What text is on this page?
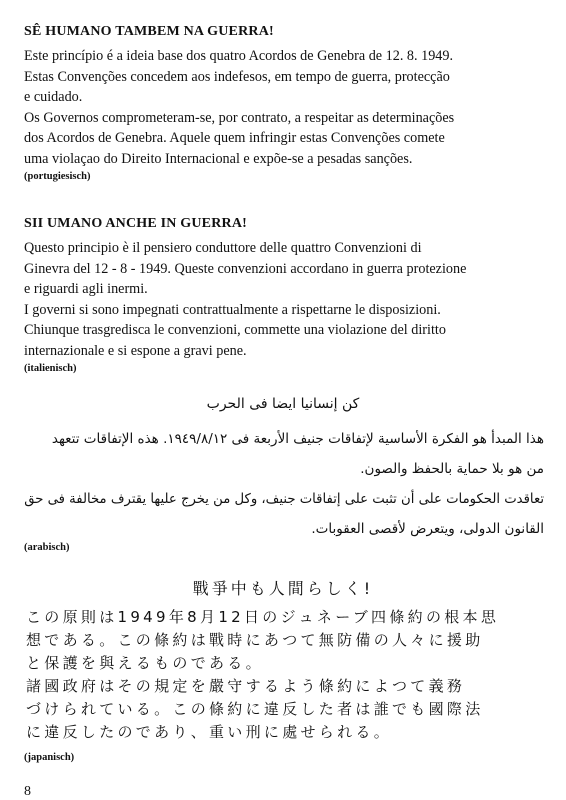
SÊ HUMANO TAMBEM NA GUERRA!

Este princípio é a ideia base dos quatro Acordos de Genebra de 12. 8. 1949.
Estas Convenções concedem aos indefesos, em tempo de guerra, protecção
e cuidado.
Os Governos comprometeram-se, por contrato, a respeitar as determinações
dos Acordos de Genebra. Aquele quem infringir estas Convenções comete
uma violaçao do Direito Internacional e expõe-se a pesadas sanções.

(portugiesisch)

SII UMANO ANCHE IN GUERRA!

Questo principio è il pensiero conduttore delle quattro Convenzioni di
Ginevra del 12 - 8 - 1949. Queste convenzioni accordano in guerra protezione
e riguardi agli inermi.
I governi si sono impegnati contrattualmente a rispettarne le disposizioni.
Chiunque trasgredisca le convenzioni, commette una violazione del diritto
internazionale e si espone a gravi pene.

(italienisch)

كن إنسانيا ايضا فى الحرب
هذا المبدأ هو الفكرة الأساسية لإتفاقات جنيف الأربعة فى ١٩٤٩/٨/١٢. هذه الإتفاقات تتعهد
من هو بلا حماية بالحفظ والصون.
تعاقدت الحكومات على أن تثبت على إتفاقات جنيف، وكل من يخرج عليها يقترف مخالفة فى حق
القانون الدولى، ويتعرض لأقصى العقوبات.
(arabisch)
戰爭中も人間らしく!
この原則は1949年8月12日のジュネーブ四條約の根本思
想である。この條約は戰時にあつて無防備の人々に援助
と保護を與えるものである。
諸國政府はその規定を嚴守するよう條約によつて義務
づけられている。この條約に違反した者は誰でも國際法
に違反したのであり、重い刑に處せられる。
(japanisch)
8
